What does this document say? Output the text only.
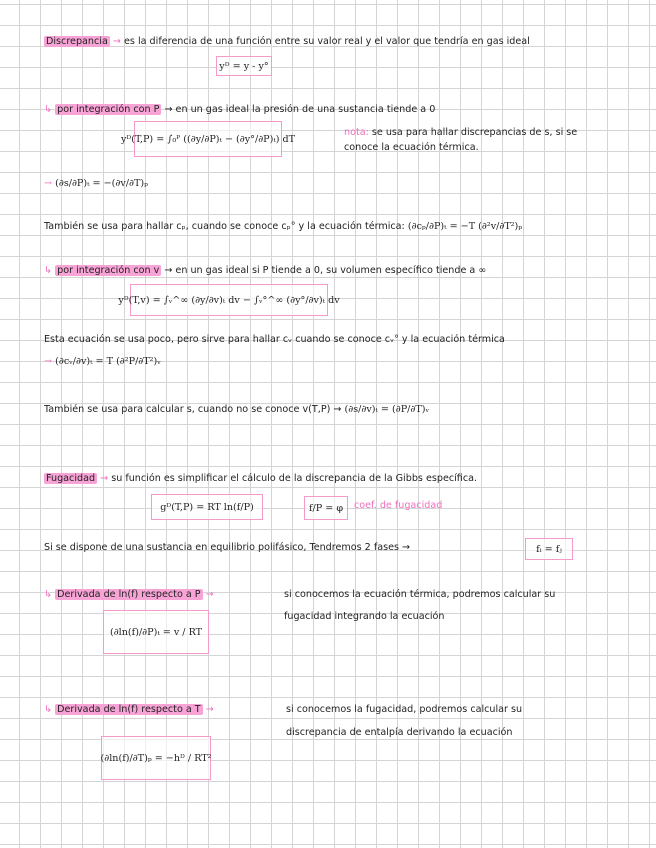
Discrepancia → es la diferencia de una función entre su valor real y el valor que tendría en gas ideal
yᴰ = y - y°
↳ por integración con P → en un gas ideal la presión de una sustancia tiende a 0
yᴰ(T,P) = ∫₀ᴾ ((∂y/∂P)ₜ − (∂y°/∂P)ₜ) dT
nota: se usa para hallar discrepancias de s, si se
conoce la ecuación térmica.
→ (∂s/∂P)ₜ = −(∂v/∂T)ₚ
También se usa para hallar cₚ, cuando se conoce cₚ° y la ecuación térmica: (∂cₚ/∂P)ₜ = −T (∂²v/∂T²)ₚ
↳ por integración con v → en un gas ideal si P tiende a 0, su volumen específico tiende a ∞
yᴰ(T,v) = ∫ᵥ^∞ (∂y/∂v)ₜ dv − ∫ᵥ°^∞ (∂y°/∂v)ₜ dv
Esta ecuación se usa poco, pero sirve para hallar cᵥ cuando se conoce cᵥ° y la ecuación térmica
→ (∂cᵥ/∂v)ₜ = T (∂²P/∂T²)ᵥ
También se usa para calcular s, cuando no se conoce v(T,P) → (∂s/∂v)ₜ = (∂P/∂T)ᵥ
Fugacidad → su función es simplificar el cálculo de la discrepancia de la Gibbs específica.
gᴰ(T,P) = RT ln(f/P)	f/P = φ	coef. de fugacidad
Si se dispone de una sustancia en equilibrio polifásico, Tendremos 2 fases →	fᵢ = fⱼ
↳ Derivada de ln(f) respecto a P →	si conocemos la ecuación térmica, podremos calcular su
fugacidad integrando la ecuación
(∂ln(f)/∂P)ₜ = v / RT
↳ Derivada de ln(f) respecto a T →	si conocemos la fugacidad, podremos calcular su
discrepancia de entalpía derivando la ecuación
(∂ln(f)/∂T)ₚ = −hᴰ / RT²
